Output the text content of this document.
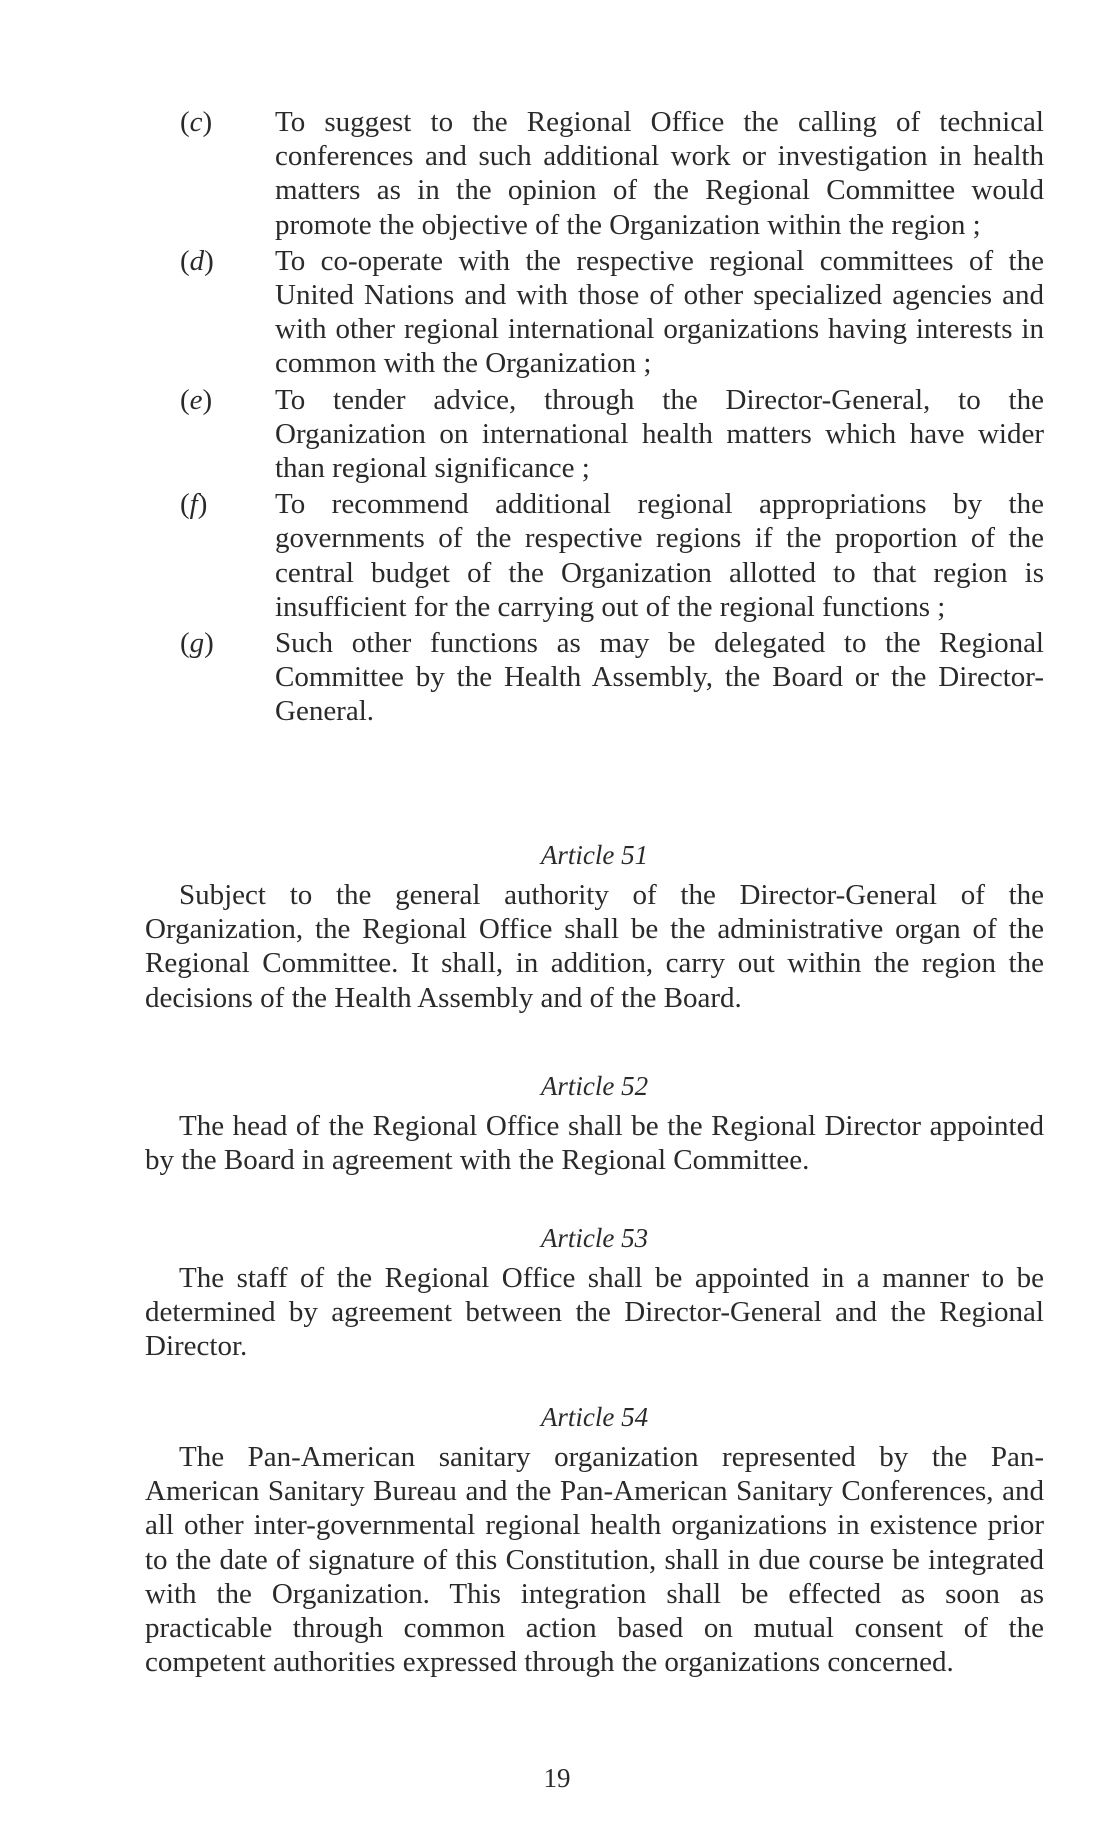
(c)	To suggest to the Regional Office the calling of technical conferences and such additional work or investigation in health matters as in the opinion of the Regional Committee would promote the objective of the Organization within the region ;
(d)	To co-operate with the respective regional committees of the United Nations and with those of other specialized agencies and with other regional international organizations having interests in common with the Organization ;
(e)	To tender advice, through the Director-General, to the Organization on international health matters which have wider than regional significance ;
(f)	To recommend additional regional appropriations by the governments of the respective regions if the proportion of the central budget of the Organization allotted to that region is insufficient for the carrying out of the regional functions ;
(g)	Such other functions as may be delegated to the Regional Committee by the Health Assembly, the Board or the Director-General.
Article 51

Subject to the general authority of the Director-General of the Organization, the Regional Office shall be the administrative organ of the Regional Committee. It shall, in addition, carry out within the region the decisions of the Health Assembly and of the Board.

Article 52

The head of the Regional Office shall be the Regional Director appointed by the Board in agreement with the Regional Committee.

Article 53

The staff of the Regional Office shall be appointed in a manner to be determined by agreement between the Director-General and the Regional Director.

Article 54

The Pan-American sanitary organization represented by the Pan-American Sanitary Bureau and the Pan-American Sanitary Conferences, and all other inter-governmental regional health organizations in existence prior to the date of signature of this Constitution, shall in due course be integrated with the Organization. This integration shall be effected as soon as practicable through common action based on mutual consent of the competent authorities expressed through the organizations concerned.

19
